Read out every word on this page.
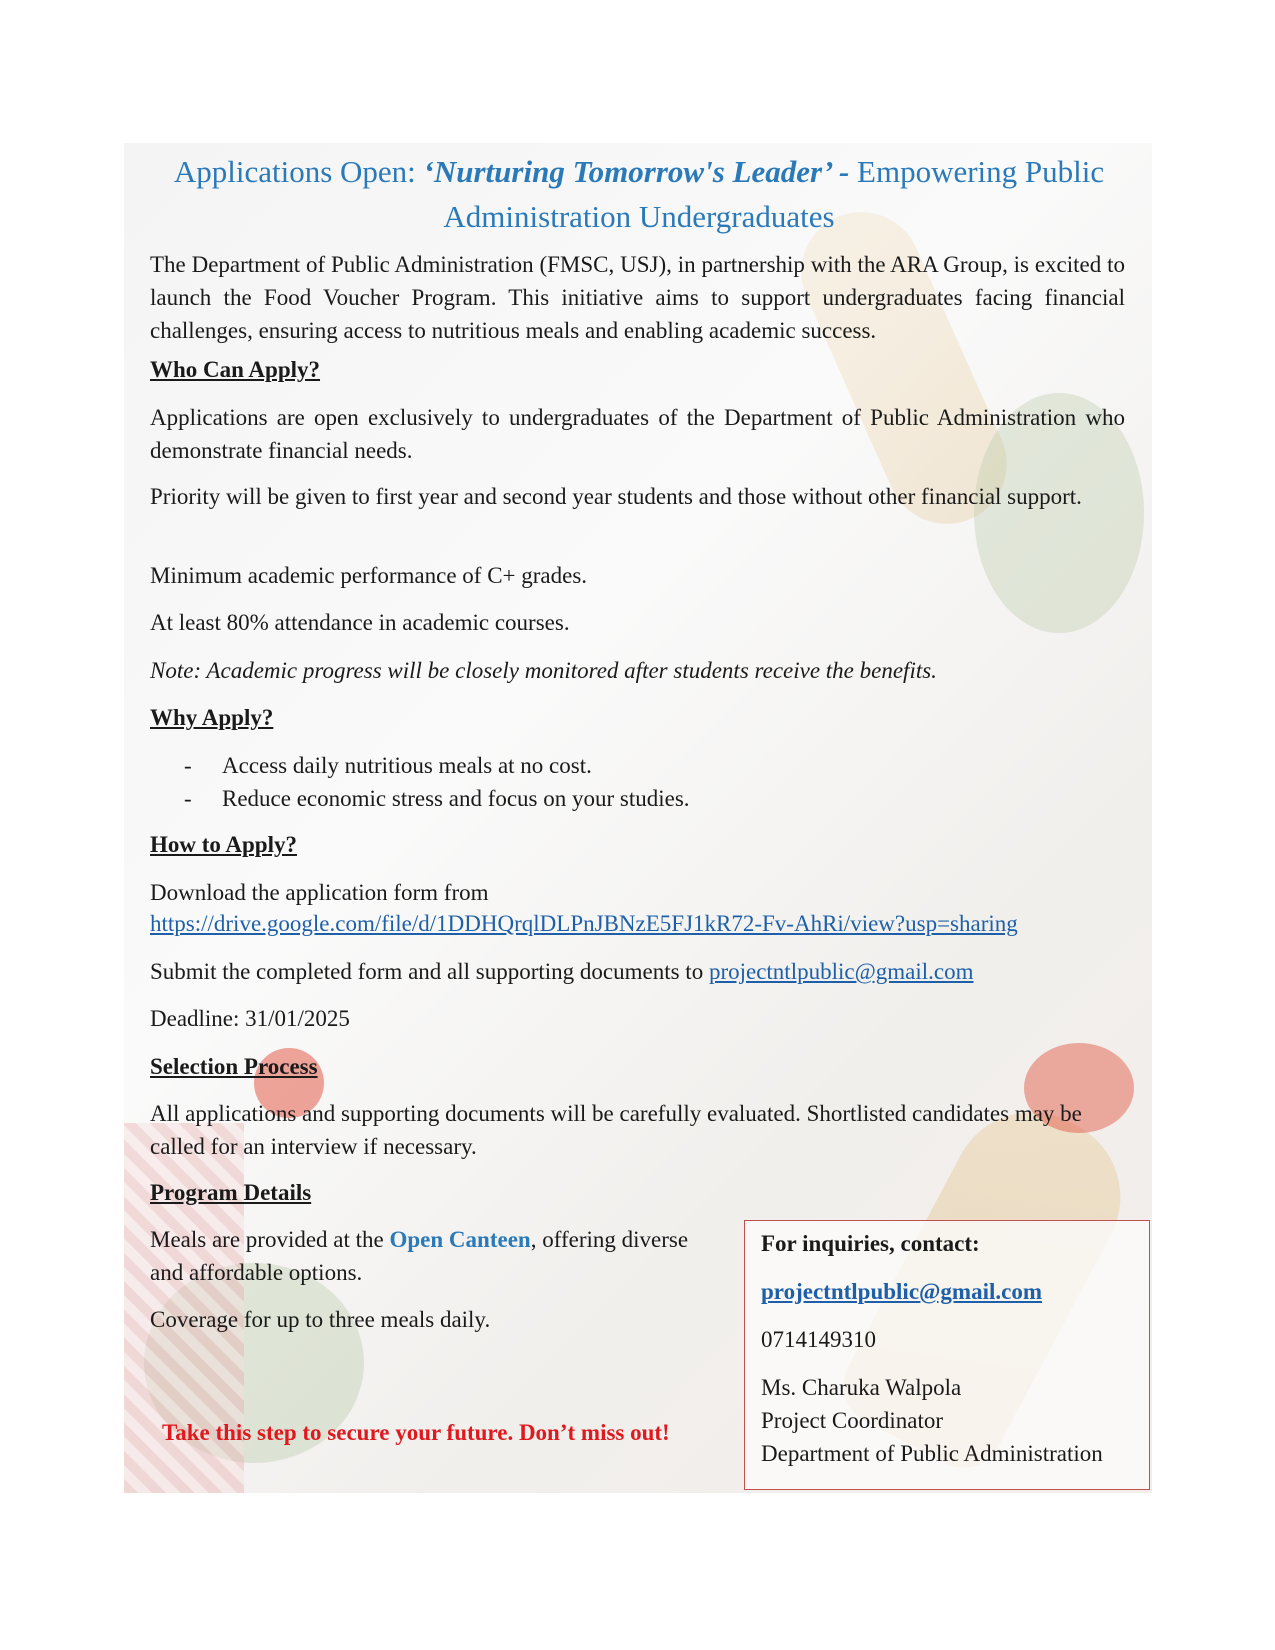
Applications Open: ‘Nurturing Tomorrow's Leader’ - Empowering Public Administration Undergraduates
The Department of Public Administration (FMSC, USJ), in partnership with the ARA Group, is excited to launch the Food Voucher Program. This initiative aims to support undergraduates facing financial challenges, ensuring access to nutritious meals and enabling academic success.
Who Can Apply?
Applications are open exclusively to undergraduates of the Department of Public Administration who demonstrate financial needs.
Priority will be given to first year and second year students and those without other financial support.
Minimum academic performance of C+ grades.
At least 80% attendance in academic courses.
Note: Academic progress will be closely monitored after students receive the benefits.
Why Apply?
- Access daily nutritious meals at no cost.
- Reduce economic stress and focus on your studies.
How to Apply?
Download the application form from
https://drive.google.com/file/d/1DDHQrqlDLPnJBNzE5FJ1kR72-Fv-AhRi/view?usp=sharing
Submit the completed form and all supporting documents to projectntlpublic@gmail.com
Deadline: 31/01/2025
Selection Process
All applications and supporting documents will be carefully evaluated. Shortlisted candidates may be called for an interview if necessary.
Program Details
Meals are provided at the Open Canteen, offering diverse and affordable options.
Coverage for up to three meals daily.
Take this step to secure your future. Don’t miss out!
For inquiries, contact:
projectntlpublic@gmail.com
0714149310
Ms. Charuka Walpola
Project Coordinator
Department of Public Administration
